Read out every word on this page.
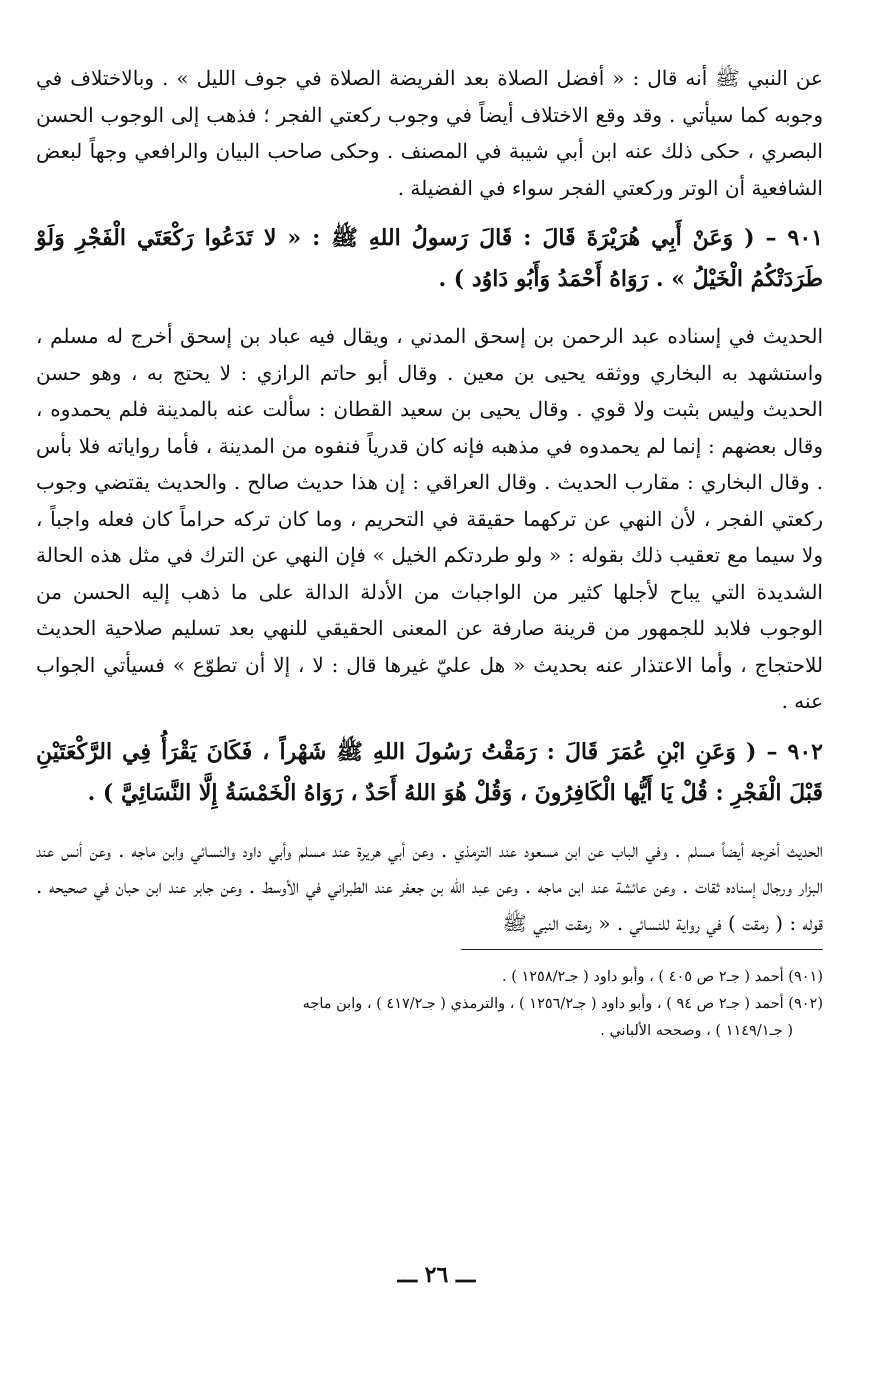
عن النبي ﷺ أنه قال : « أفضل الصلاة بعد الفريضة الصلاة في جوف الليل » . وبالاختلاف في وجوبه كما سيأتي . وقد وقع الاختلاف أيضاً في وجوب ركعتي الفجر ؛ فذهب إلى الوجوب الحسن البصري ، حكى ذلك عنه ابن أبي شيبة في المصنف . وحكى صاحب البيان والرافعي وجهاً لبعض الشافعية أن الوتر وركعتي الفجر سواء في الفضيلة .

٩٠١ – ( وَعَنْ أَبِي هُرَيْرَةَ قَالَ : قَالَ رَسولُ اللهِ ﷺ : « لا تَدَعُوا رَكْعَتَي الْفَجْرِ وَلَوْ طَرَدَتْكُمُ الْخَيْلُ » . رَوَاهُ أَحْمَدُ وَأَبُو دَاوُد ) .

الحديث في إسناده عبد الرحمن بن إسحق المدني ، ويقال فيه عباد بن إسحق أخرج له مسلم ، واستشهد به البخاري ووثقه يحيى بن معين . وقال أبو حاتم الرازي : لا يحتج به ، وهو حسن الحديث وليس بثبت ولا قوي . وقال يحيى بن سعيد القطان : سألت عنه بالمدينة فلم يحمدوه ، وقال بعضهم : إنما لم يحمدوه في مذهبه فإنه كان قدرياً فنفوه من المدينة ، فأما رواياته فلا بأس . وقال البخاري : مقارب الحديث . وقال العراقي : إن هذا حديث صالح . والحديث يقتضي وجوب ركعتي الفجر ، لأن النهي عن تركهما حقيقة في التحريم ، وما كان تركه حراماً كان فعله واجباً ، ولا سيما مع تعقيب ذلك بقوله : « ولو طردتكم الخيل » فإن النهي عن الترك في مثل هذه الحالة الشديدة التي يباح لأجلها كثير من الواجبات من الأدلة الدالة على ما ذهب إليه الحسن من الوجوب فلابد للجمهور من قرينة صارفة عن المعنى الحقيقي للنهي بعد تسليم صلاحية الحديث للاحتجاج ، وأما الاعتذار عنه بحديث « هل عليّ غيرها قال : لا ، إلا أن تطوّع » فسيأتي الجواب عنه .

٩٠٢ – ( وَعَنِ ابْنِ عُمَرَ قَالَ : رَمَقْتُ رَسُولَ اللهِ ﷺ شَهْراً ، فَكَانَ يَقْرَأُ فِي الرَّكْعَتَيْنِ قَبْلَ الْفَجْرِ : قُلْ يَا أَيُّها الْكَافِرُونَ ، وَقُلْ هُوَ اللهُ أَحَدٌ ، رَوَاهُ الْخَمْسَةُ إِلَّا النَّسَائِيَّ ) .

الحديث أخرجه أيضاً مسلم . وفي الباب عن ابن مسعود عند الترمذي . وعن أبي هريرة عند مسلم وأبي داود والنسائي وابن ماجه . وعن أنس عند البزار ورجال إسناده ثقات . وعن عائشة عند ابن ماجه . وعن عبد الله بن جعفر عند الطبراني في الأوسط . وعن جابر عند ابن حبان في صحيحه . قوله : ( رمقت ) في رواية للنسائي . « رمقت النبي ﷺ

(٩٠١) أحمد ( جـ٢ ص ٤٠٥ ) ، وأبو داود ( جـ١٢٥٨/٢ ) .

(٩٠٢) أحمد ( جـ٢ ص ٩٤ ) ، وأبو داود ( جـ١٢٥٦/٢ ) ، والترمذي ( جـ٤١٧/٢ ) ، وابن ماجه

( جـ١١٤٩/١ ) ، وصححه الألباني .

ـــ ٢٦ ـــ
